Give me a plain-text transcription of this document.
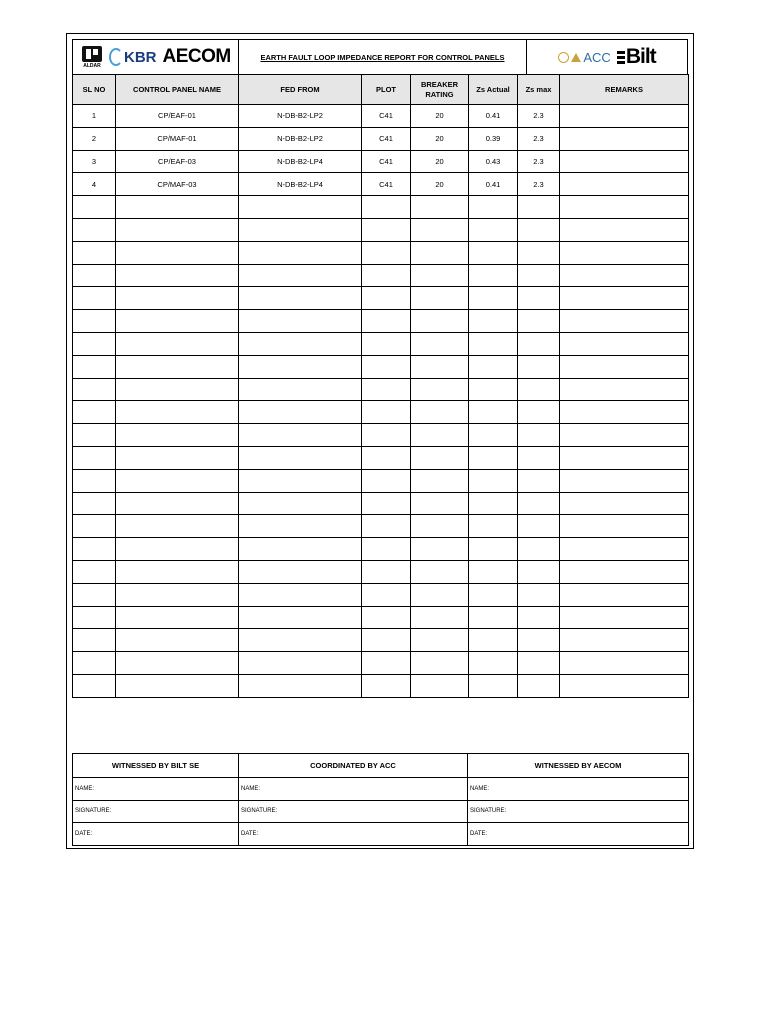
ALDAR KBR AECOM	EARTH FAULT LOOP IMPEDANCE REPORT FOR CONTROL PANELS	ACC Bilt
SL NO	CONTROL PANEL NAME	FED FROM	PLOT	BREAKER RATING	Zs Actual	Zs max	REMARKS
1	CP/EAF-01	N-DB-B2-LP2	C41	20	0.41	2.3	
2	CP/MAF-01	N-DB-B2-LP2	C41	20	0.39	2.3	
3	CP/EAF-03	N-DB-B2-LP4	C41	20	0.43	2.3	
4	CP/MAF-03	N-DB-B2-LP4	C41	20	0.41	2.3	

WITNESSED BY BILT SE	COORDINATED BY ACC	WITNESSED BY AECOM
NAME:	NAME:	NAME:
SIGNATURE:	SIGNATURE:	SIGNATURE:
DATE:	DATE:	DATE:
